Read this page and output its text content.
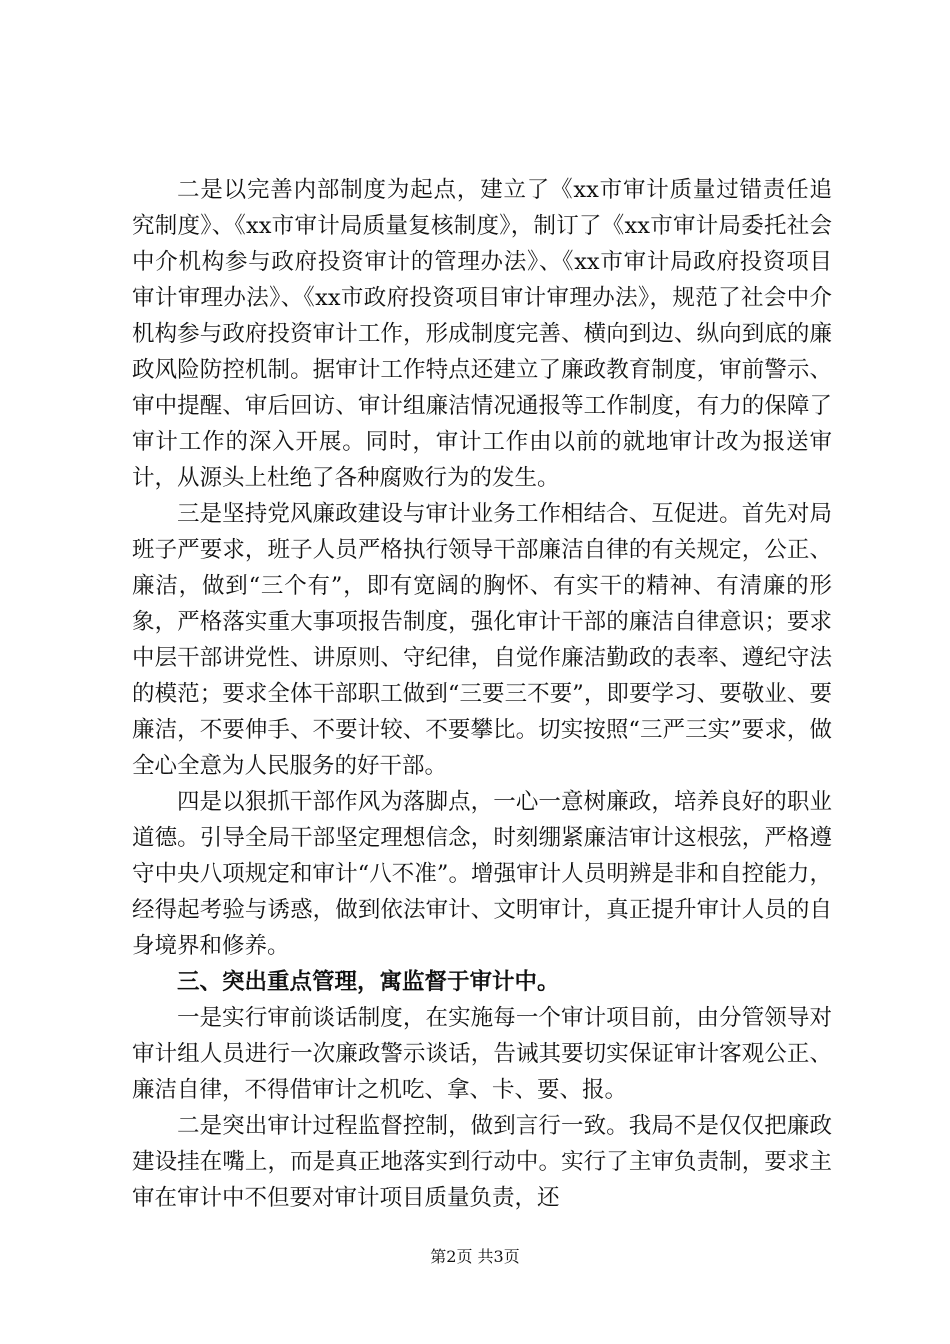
二是以完善内部制度为起点，建立了《xx市审计质量过错责任追究制度》、《xx市审计局质量复核制度》，制订了《xx市审计局委托社会中介机构参与政府投资审计的管理办法》、《xx市审计局政府投资项目审计审理办法》、《xx市政府投资项目审计审理办法》，规范了社会中介机构参与政府投资审计工作，形成制度完善、横向到边、纵向到底的廉政风险防控机制。据审计工作特点还建立了廉政教育制度，审前警示、审中提醒、审后回访、审计组廉洁情况通报等工作制度，有力的保障了审计工作的深入开展。同时，审计工作由以前的就地审计改为报送审计，从源头上杜绝了各种腐败行为的发生。

三是坚持党风廉政建设与审计业务工作相结合、互促进。首先对局班子严要求，班子人员严格执行领导干部廉洁自律的有关规定，公正、廉洁，做到“三个有”，即有宽阔的胸怀、有实干的精神、有清廉的形象，严格落实重大事项报告制度，强化审计干部的廉洁自律意识；要求中层干部讲党性、讲原则、守纪律，自觉作廉洁勤政的表率、遵纪守法的模范；要求全体干部职工做到“三要三不要”，即要学习、要敬业、要廉洁，不要伸手、不要计较、不要攀比。切实按照“三严三实”要求，做全心全意为人民服务的好干部。

四是以狠抓干部作风为落脚点，一心一意树廉政，培养良好的职业道德。引导全局干部坚定理想信念，时刻绷紧廉洁审计这根弦，严格遵守中央八项规定和审计“八不准”。增强审计人员明辨是非和自控能力，经得起考验与诱惑，做到依法审计、文明审计，真正提升审计人员的自身境界和修养。

三、突出重点管理，寓监督于审计中。

一是实行审前谈话制度，在实施每一个审计项目前，由分管领导对审计组人员进行一次廉政警示谈话，告诫其要切实保证审计客观公正、廉洁自律，不得借审计之机吃、拿、卡、要、报。

二是突出审计过程监督控制，做到言行一致。我局不是仅仅把廉政建设挂在嘴上，而是真正地落实到行动中。实行了主审负责制，要求主审在审计中不但要对审计项目质量负责，还

第2页 共3页
